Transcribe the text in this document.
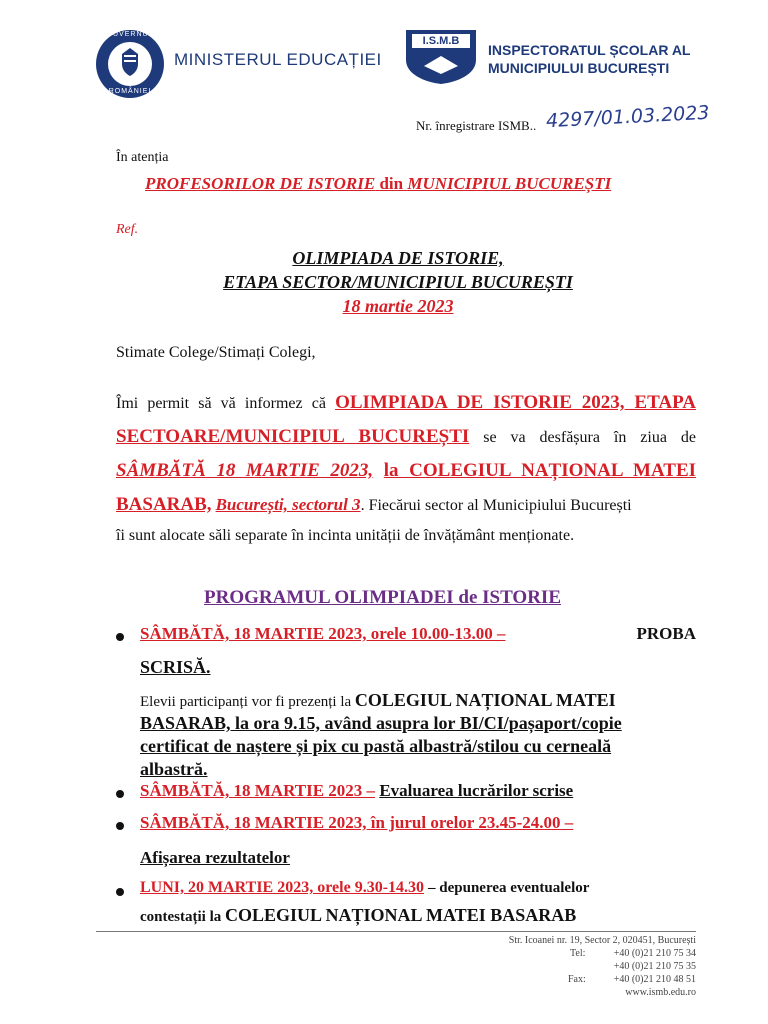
GUVERNUL
ROMÂNIEI
MINISTERUL EDUCAȚIEI
I.S.M.B
INSPECTORATUL ȘCOLAR AL
MUNICIPIULUI BUCUREȘTI
Nr. înregistrare ISMB.. 4297/01.03.2023
În atenția
PROFESORILOR DE ISTORIE din MUNICIPIUL BUCUREȘTI
Ref.
OLIMPIADA DE ISTORIE,
ETAPA SECTOR/MUNICIPIUL BUCUREȘTI
18 martie 2023
Stimate Colege/Stimați Colegi,
Îmi permit să vă informez că OLIMPIADA DE ISTORIE 2023, ETAPA
SECTOARE/MUNICIPIUL BUCUREȘTI se va desfășura în ziua de
SÂMBĂTĂ 18 MARTIE 2023, la COLEGIUL NAȚIONAL MATEI
BASARAB, București, sectorul 3. Fiecărui sector al Municipiului București
îi sunt alocate săli separate în incinta unității de învățământ menționate.
PROGRAMUL OLIMPIADEI de ISTORIE
SÂMBĂTĂ, 18 MARTIE 2023, orele 10.00-13.00 –	PROBA
SCRISĂ.
Elevii participanți vor fi prezenți la COLEGIUL NAȚIONAL MATEI
BASARAB, la ora 9.15, având asupra lor BI/CI/pașaport/copie
certificat de naștere și pix cu pastă albastră/stilou cu cerneală
albastră.
SÂMBĂTĂ, 18 MARTIE 2023 – Evaluarea lucrărilor scrise
SÂMBĂTĂ, 18 MARTIE 2023, în jurul orelor 23.45-24.00 –
Afișarea rezultatelor
LUNI, 20 MARTIE 2023, orele 9.30-14.30 – depunerea eventualelor
contestații la COLEGIUL NAȚIONAL MATEI BASARAB
Str. Icoanei nr. 19, Sector 2, 020451, București
Tel:	+40 (0)21 210 75 34
+40 (0)21 210 75 35
Fax:	+40 (0)21 210 48 51
www.ismb.edu.ro
